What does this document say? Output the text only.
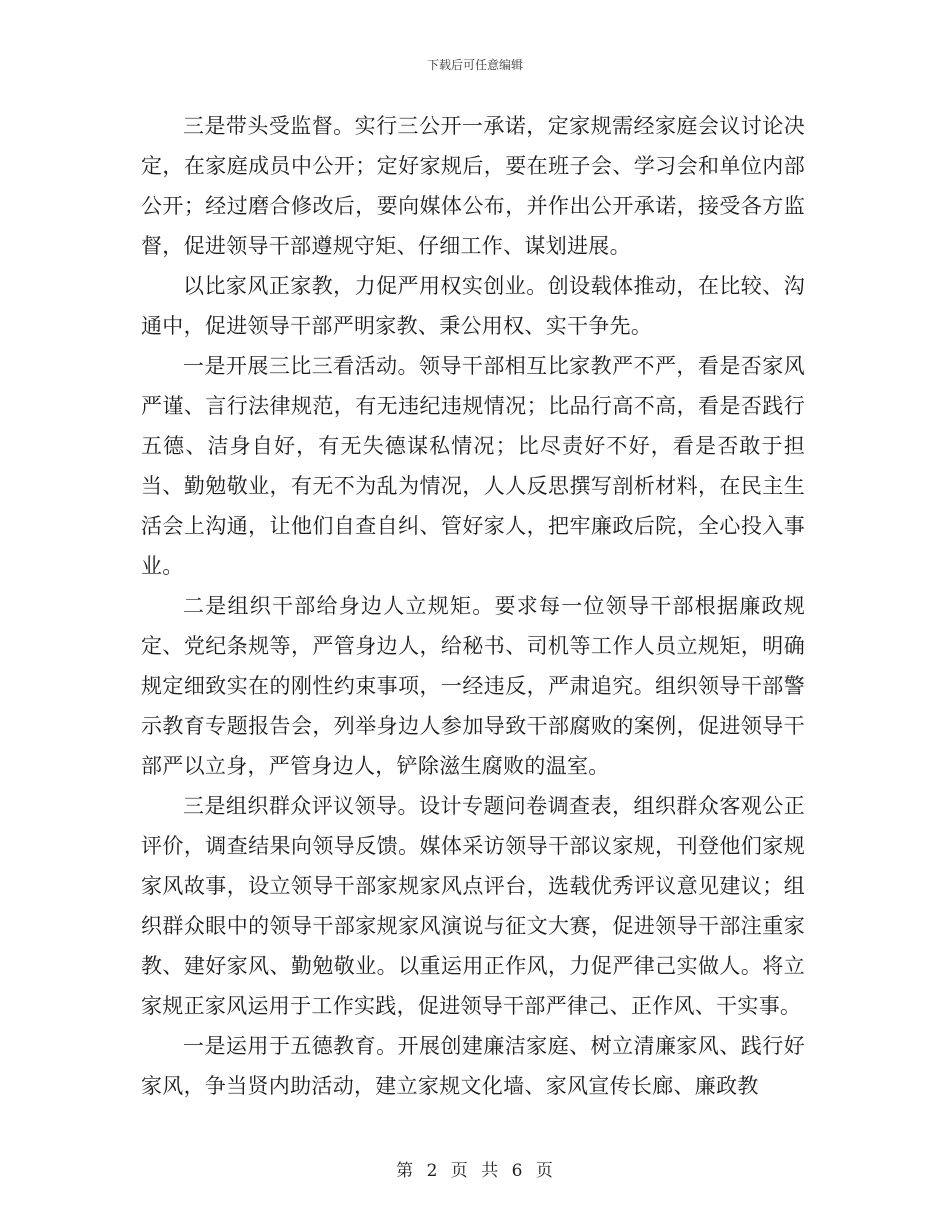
下载后可任意编辑

三是带头受监督。实行三公开一承诺，定家规需经家庭会议讨论决定，在家庭成员中公开；定好家规后，要在班子会、学习会和单位内部公开；经过磨合修改后，要向媒体公布，并作出公开承诺，接受各方监督，促进领导干部遵规守矩、仔细工作、谋划进展。

以比家风正家教，力促严用权实创业。创设载体推动，在比较、沟通中，促进领导干部严明家教、秉公用权、实干争先。

一是开展三比三看活动。领导干部相互比家教严不严，看是否家风严谨、言行法律规范，有无违纪违规情况；比品行高不高，看是否践行五德、洁身自好，有无失德谋私情况；比尽责好不好，看是否敢于担当、勤勉敬业，有无不为乱为情况，人人反思撰写剖析材料，在民主生活会上沟通，让他们自查自纠、管好家人，把牢廉政后院，全心投入事业。

二是组织干部给身边人立规矩。要求每一位领导干部根据廉政规定、党纪条规等，严管身边人，给秘书、司机等工作人员立规矩，明确规定细致实在的刚性约束事项，一经违反，严肃追究。组织领导干部警示教育专题报告会，列举身边人参加导致干部腐败的案例，促进领导干部严以立身，严管身边人，铲除滋生腐败的温室。

三是组织群众评议领导。设计专题问卷调查表，组织群众客观公正评价，调查结果向领导反馈。媒体采访领导干部议家规，刊登他们家规家风故事，设立领导干部家规家风点评台，选载优秀评议意见建议；组织群众眼中的领导干部家规家风演说与征文大赛，促进领导干部注重家教、建好家风、勤勉敬业。以重运用正作风，力促严律己实做人。将立家规正家风运用于工作实践，促进领导干部严律己、正作风、干实事。

一是运用于五德教育。开展创建廉洁家庭、树立清廉家风、践行好家风，争当贤内助活动，建立家规文化墙、家风宣传长廊、廉政教

第 2 页 共 6 页
